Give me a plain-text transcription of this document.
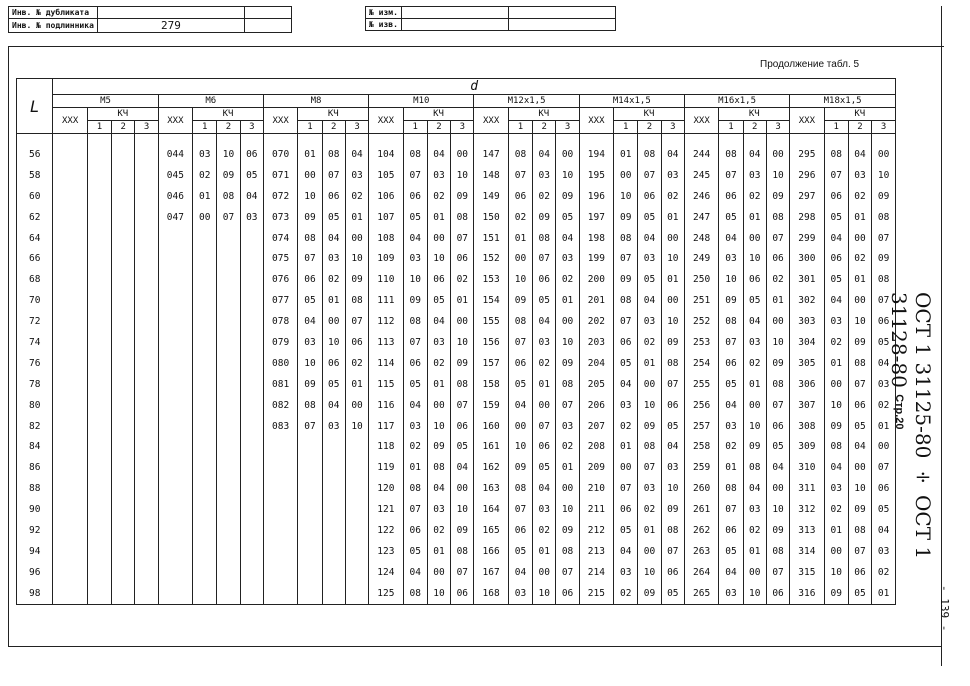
Инв. № дубликата		
Инв. № подлинника	279	
№ изм.		
№ изв.		
Продолжение табл. 5
L	d																															
	M5				M6				M8				M10				M12x1,5				M14x1,5				M16x1,5				M18x1,5			
	XXX	КЧ			XXX	КЧ			XXX	КЧ			XXX	КЧ			XXX	КЧ			XXX	КЧ			XXX	КЧ			XXX	КЧ		
		1	2	3		1	2	3		1	2	3		1	2	3		1	2	3		1	2	3		1	2	3		1	2	3

56					044	03	10	06	070	01	08	04	104	08	04	00	147	08	04	00	194	01	08	04	244	08	04	00	295	08	04	00
58					045	02	09	05	071	00	07	03	105	07	03	10	148	07	03	10	195	00	07	03	245	07	03	10	296	07	03	10
60					046	01	08	04	072	10	06	02	106	06	02	09	149	06	02	09	196	10	06	02	246	06	02	09	297	06	02	09
62					047	00	07	03	073	09	05	01	107	05	01	08	150	02	09	05	197	09	05	01	247	05	01	08	298	05	01	08
64									074	08	04	00	108	04	00	07	151	01	08	04	198	08	04	00	248	04	00	07	299	04	00	07
66									075	07	03	10	109	03	10	06	152	00	07	03	199	07	03	10	249	03	10	06	300	06	02	09
68									076	06	02	09	110	10	06	02	153	10	06	02	200	09	05	01	250	10	06	02	301	05	01	08
70									077	05	01	08	111	09	05	01	154	09	05	01	201	08	04	00	251	09	05	01	302	04	00	07
72									078	04	00	07	112	08	04	00	155	08	04	00	202	07	03	10	252	08	04	00	303	03	10	06
74									079	03	10	06	113	07	03	10	156	07	03	10	203	06	02	09	253	07	03	10	304	02	09	05
76									080	10	06	02	114	06	02	09	157	06	02	09	204	05	01	08	254	06	02	09	305	01	08	04
78									081	09	05	01	115	05	01	08	158	05	01	08	205	04	00	07	255	05	01	08	306	00	07	03
80									082	08	04	00	116	04	00	07	159	04	00	07	206	03	10	06	256	04	00	07	307	10	06	02
82									083	07	03	10	117	03	10	06	160	00	07	03	207	02	09	05	257	03	10	06	308	09	05	01
84													118	02	09	05	161	10	06	02	208	01	08	04	258	02	09	05	309	08	04	00
86													119	01	08	04	162	09	05	01	209	00	07	03	259	01	08	04	310	04	00	07
88													120	08	04	00	163	08	04	00	210	07	03	10	260	08	04	00	311	03	10	06
90													121	07	03	10	164	07	03	10	211	06	02	09	261	07	03	10	312	02	09	05
92													122	06	02	09	165	06	02	09	212	05	01	08	262	06	02	09	313	01	08	04
94													123	05	01	08	166	05	01	08	213	04	00	07	263	05	01	08	314	00	07	03
96													124	04	00	07	167	04	00	07	214	03	10	06	264	04	00	07	315	10	06	02
98													125	08	10	06	168	03	10	06	215	02	09	05	265	03	10	06	316	09	05	01
ОСТ 1 31125-80 ÷ ОСТ 1 31128-80 Стр.20
- 139 -
